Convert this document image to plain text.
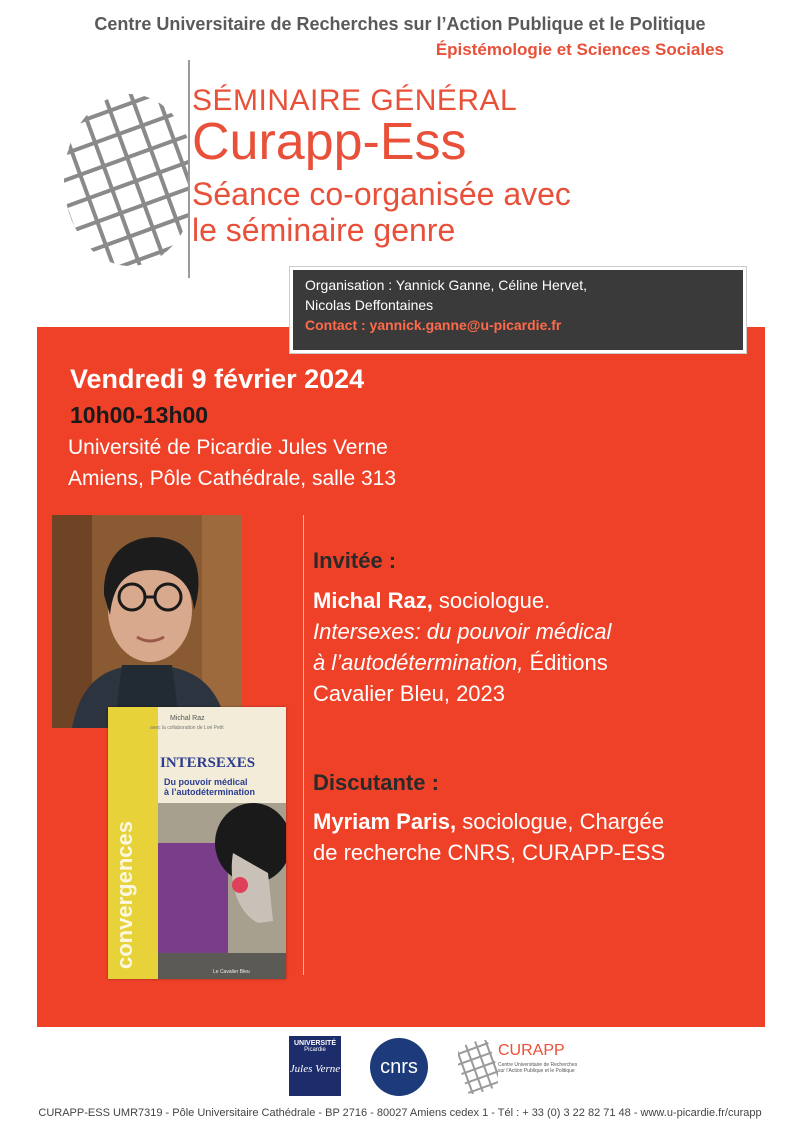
Centre Universitaire de Recherches sur l’Action Publique et le Politique
Épistémologie et Sciences Sociales
SÉMINAIRE GÉNÉRAL
Curapp-Ess
Séance co-organisée avec
le séminaire genre
Organisation : Yannick Ganne, Céline Hervet,
Nicolas Deffontaines
Contact : yannick.ganne@u-picardie.fr
Vendredi 9 février 2024
10h00-13h00
Université de Picardie Jules Verne
Amiens, Pôle Cathédrale, salle 313
Michal Raz
avec la collaboration de Loé Petit
INTERSEXES
Du pouvoir médical
à l’autodétermination
convergences
Le Cavalier Bleu
Invitée :
Michal Raz, sociologue.
Intersexes: du pouvoir médical
à l’autodétermination, Éditions
Cavalier Bleu, 2023
Discutante :
Myriam Paris, sociologue, Chargée
de recherche CNRS, CURAPP-ESS
UNIVERSITÉ
Picardie
Jules Verne	cnrs
CURAPP
Centre Universitaire de Recherches
sur l’Action Publique et le Politique
CURAPP-ESS UMR7319 - Pôle Universitaire Cathédrale - BP 2716 - 80027 Amiens cedex 1 - Tél : + 33 (0) 3 22 82 71 48 - www.u-picardie.fr/curapp
